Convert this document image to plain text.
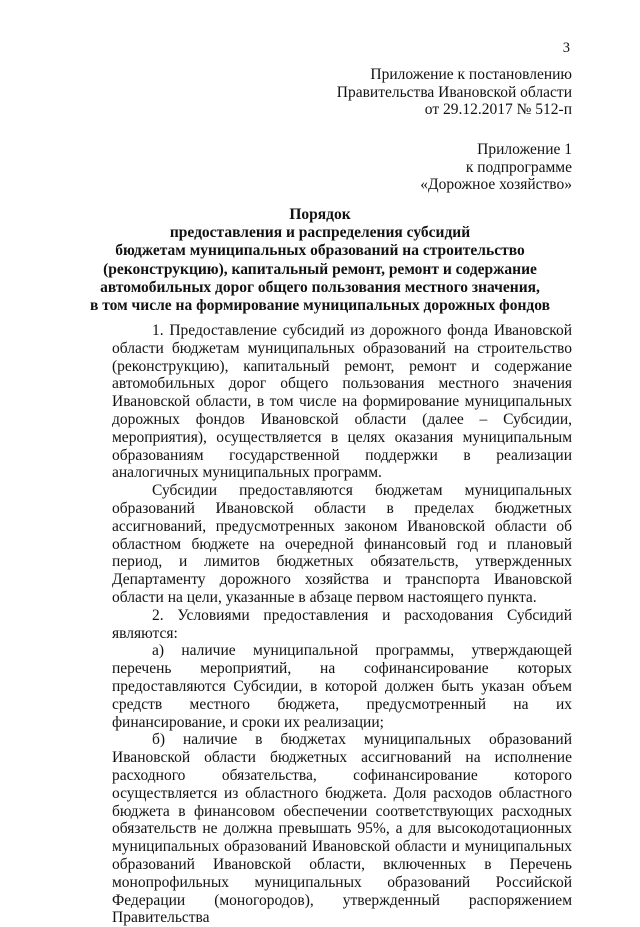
3

Приложение к постановлению

Правительства Ивановской области

от 29.12.2017 № 512-п

Приложение 1

к подпрограмме

«Дорожное хозяйство»

Порядок

предоставления и распределения субсидий

бюджетам муниципальных образований на строительство

(реконструкцию), капитальный ремонт, ремонт и содержание

автомобильных дорог общего пользования местного значения,

в том числе на формирование муниципальных дорожных фондов

1. Предоставление субсидий из дорожного фонда Ивановской области бюджетам муниципальных образований на строительство (реконструкцию), капитальный ремонт, ремонт и содержание автомобильных дорог общего пользования местного значения Ивановской области, в том числе на формирование муниципальных дорожных фондов Ивановской области (далее – Субсидии, мероприятия), осуществляется в целях оказания муниципальным образованиям государственной поддержки в реализации аналогичных муниципальных программ.

Субсидии предоставляются бюджетам муниципальных образований Ивановской области в пределах бюджетных ассигнований, предусмотренных законом Ивановской области об областном бюджете на очередной финансовый год и плановый период, и лимитов бюджетных обязательств, утвержденных Департаменту дорожного хозяйства и транспорта Ивановской области на цели, указанные в абзаце первом настоящего пункта.

2. Условиями предоставления и расходования Субсидий являются:

а) наличие муниципальной программы, утверждающей перечень мероприятий, на софинансирование которых предоставляются Субсидии, в которой должен быть указан объем средств местного бюджета, предусмотренный на их финансирование, и сроки их реализации;

б) наличие в бюджетах муниципальных образований Ивановской области бюджетных ассигнований на исполнение расходного обязательства, софинансирование которого осуществляется из областного бюджета. Доля расходов областного бюджета в финансовом обеспечении соответствующих расходных обязательств не должна превышать 95%, а для высокодотационных муниципальных образований Ивановской области и муниципальных образований Ивановской области, включенных в Перечень монопрофильных муниципальных образований Российской Федерации (моногородов), утвержденный распоряжением Правительства
